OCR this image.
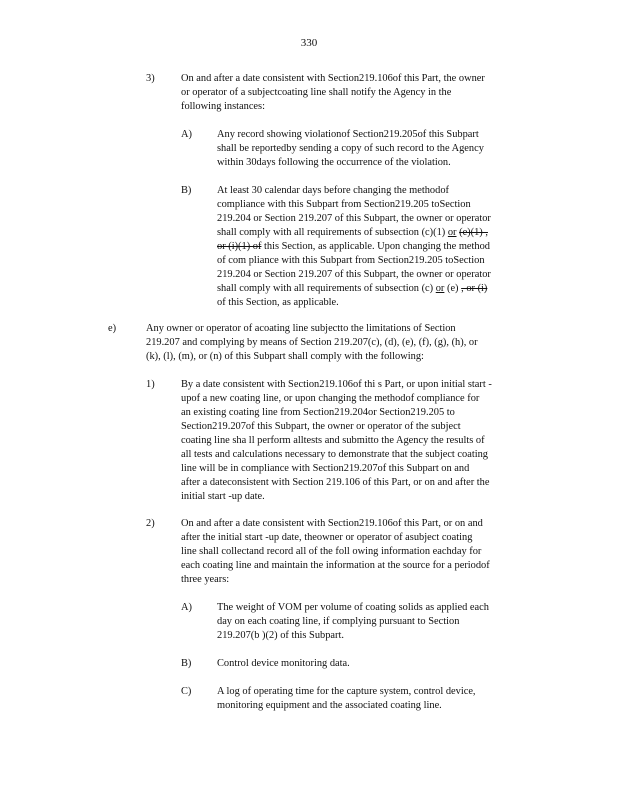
330
3)	On and after a date consistent with Section219.106of this Part, the owner
or operator of a subjectcoating line shall notify the Agency in the
following instances:
A) Any record showing violationof Section219.205of this Subpart
shall be reportedby sending a copy of such record to the Agency
within 30days following the occurrence of the violation.
B) At least 30 calendar days before changing the methodof
compliance with this Subpart from Section219.205 toSection
219.204 or Section 219.207 of this Subpart, the owner or operator
shall comply with all requirements of subsection (c)(1) or (e)(1) ,
or (i)(1) of this Section, as applicable. Upon changing the method
of com pliance with this Subpart from Section219.205 toSection
219.204 or Section 219.207 of this Subpart, the owner or operator
shall comply with all requirements of subsection (c) or (e) , or (i)
of this Section, as applicable.
e)	Any owner or operator of acoating line subjectto the limitations of Section
219.207 and complying by means of Section 219.207(c), (d), (e), (f), (g), (h), or
(k), (l), (m), or (n) of this Subpart shall comply with the following:
1)	By a date consistent with Section219.106of thi s Part, or upon initial start -
upof a new coating line, or upon changing the methodof compliance for
an existing coating line from Section219.204or Section219.205 to
Section219.207of this Subpart, the owner or operator of the subject
coating line sha ll perform alltests and submitto the Agency the results of
all tests and calculations necessary to demonstrate that the subject coating
line will be in compliance with Section219.207of this Subpart on and
after a dateconsistent with Section 219.106 of this Part, or on and after the
initial start -up date.
2)	On and after a date consistent with Section219.106of this Part, or on and
after the initial start -up date, theowner or operator of asubject coating
line shall collectand record all of the foll owing information eachday for
each coating line and maintain the information at the source for a periodof
three years:
A) The weight of VOM per volume of coating solids as applied each
day on each coating line, if complying pursuant to Section
219.207(b )(2) of this Subpart.
B) Control device monitoring data.
C) A log of operating time for the capture system, control device,
monitoring equipment and the associated coating line.
